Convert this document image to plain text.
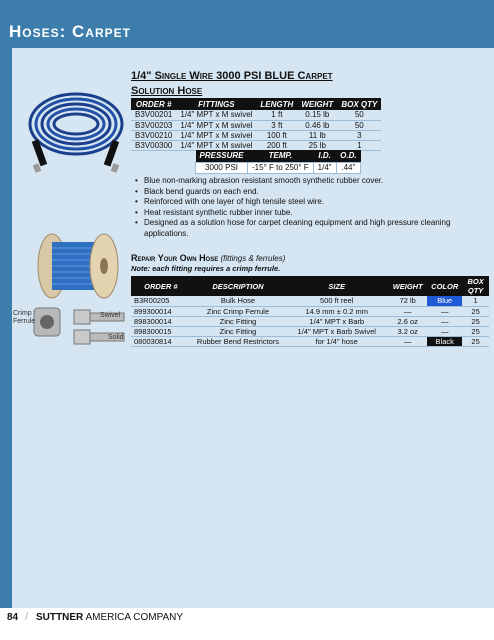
Hoses: Carpet
Crimp
Ferrule
Swivel
Solid
1/4" Single Wire 3000 PSI BLUE Carpet
Solution Hose
ORDER #	FITTINGS	LENGTH	WEIGHT	BOX QTY
B3V00201	1/4" MPT x M swivel	1 ft	0.15 lb	50
B3V00203	1/4" MPT x M swivel	3 ft	0.46 lb	50
B3V00210	1/4" MPT x M swivel	100 ft	11 lb	3
B3V00300	1/4" MPT x M swivel	200 ft	25 lb	1
PRESSURE	TEMP.	I.D.	O.D.
3000 PSI	-15° F to 250° F	1/4"	.44"
• Blue non-marking abrasion resistant smooth synthetic rubber cover.
• Black bend guards on each end.
• Reinforced with one layer of high tensile steel wire.
• Heat resistant synthetic rubber inner tube.
• Designed as a solution hose for carpet cleaning equipment and high pressure cleaning applications.
Repair Your Own Hose (fittings & ferrules)
Note: each fitting requires a crimp ferrule.
ORDER #	DESCRIPTION	SIZE	WEIGHT	COLOR	BOX QTY
B3R00205	Bulk Hose	500 ft reel	72 lb	Blue	1
899300014	Zinc Crimp Ferrule	14.9 mm ± 0.2 mm	—	—	25
898300014	Zinc Fitting	1/4" MPT x Barb	2.6 oz	—	25
898300015	Zinc Fitting	1/4" MPT x Barb Swivel	3.2 oz	—	25
080030814	Rubber Bend Restrictors	for 1/4" hose	—	Black	25
84 / SUTTNER AMERICA COMPANY
